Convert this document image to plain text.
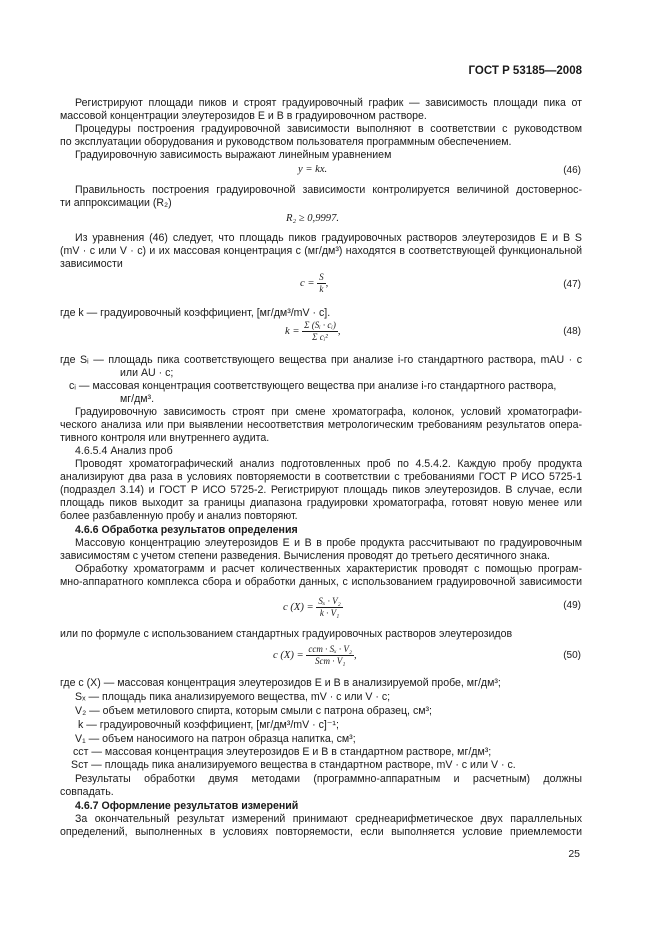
ГОСТ Р 53185—2008
Регистрируют площади пиков и строят градуировочный график — зависимость площади пика от
массовой концентрации элеутерозидов Е и В в градуировочном растворе.
Процедуры построения градуировочной зависимости выполняют в соответствии с руководством
по эксплуатации оборудования и руководством пользователя программным обеспечением.
Градуировочную зависимость выражают линейным уравнением
Правильность построения градуировочной зависимости контролируется величиной достовернос-
ти аппроксимации (R₂)
Из уравнения (46) следует, что площадь пиков градуировочных растворов элеутерозидов Е и В S
(mV · с или V · с) и их массовая концентрация с (мг/дм³) находятся в соответствующей функциональной
зависимости
где k — градуировочный коэффициент, [мг/дм³/mV · с].
где Sᵢ — площадь пика соответствующего вещества при анализе i-го стандартного раствора, mAU · с
или AU · с;
cᵢ — массовая концентрация соответствующего вещества при анализе i-го стандартного раствора,
мг/дм³.
Градуировочную зависимость строят при смене хроматографа, колонок, условий хроматографи-
ческого анализа или при выявлении несоответствия метрологическим требованиям результатов опера-
тивного контроля или внутреннего аудита.
4.6.5.4 Анализ проб
Проводят хроматографический анализ подготовленных проб по 4.5.4.2. Каждую пробу продукта
анализируют два раза в условиях повторяемости в соответствии с требованиями ГОСТ Р ИСО 5725-1
(подраздел 3.14) и ГОСТ Р ИСО 5725-2. Регистрируют площадь пиков элеутерозидов. В случае, если
площадь пиков выходит за границы диапазона градуировки хроматографа, готовят новую менее или
более разбавленную пробу и анализ повторяют.
4.6.6 Обработка результатов определения
Массовую концентрацию элеутерозидов Е и В в пробе продукта рассчитывают по градуировочным
зависимостям с учетом степени разведения. Вычисления проводят до третьего десятичного знака.
Обработку хроматограмм и расчет количественных характеристик проводят с помощью програм-
мно-аппаратного комплекса сбора и обработки данных, с использованием градуировочной зависимости
или по формуле с использованием стандартных градуировочных растворов элеутерозидов
где с (X) — массовая концентрация элеутерозидов Е и В в анализируемой пробе, мг/дм³;
Sₓ — площадь пика анализируемого вещества, mV · с или V · с;
V₂ — объем метилового спирта, которым смыли с патрона образец, см³;
k — градуировочный коэффициент, [мг/дм³/mV · с]⁻¹;
V₁ — объем наносимого на патрон образца напитка, см³;
cст — массовая концентрация элеутерозидов Е и В в стандартном растворе, мг/дм³;
Sст — площадь пика анализируемого вещества в стандартном растворе, mV · с или V · с.
Результаты обработки двумя методами (программно-аппаратным и расчетным) должны
совпадать.
4.6.7 Оформление результатов измерений
За окончательный результат измерений принимают среднеарифметическое двух параллельных
определений, выполненных в условиях повторяемости, если выполняется условие приемлемости
y = kx.	(46)
R₂ ≥ 0,9997.
$c = \frac{S}{k}$ ,	(47)
$k = \frac{\text{Σ (Sᵢ · cᵢ)}}{\text{Σ cᵢ²}}$ ,	(48)
c $(X) = \frac{\text{Sₓ · V₂}}{\text{k · V₁}}$	(49)
c $(X) = \frac{\text{cст · Sₓ · V₂}}{\text{Sст · V₁}}$ ,	(50)
25
